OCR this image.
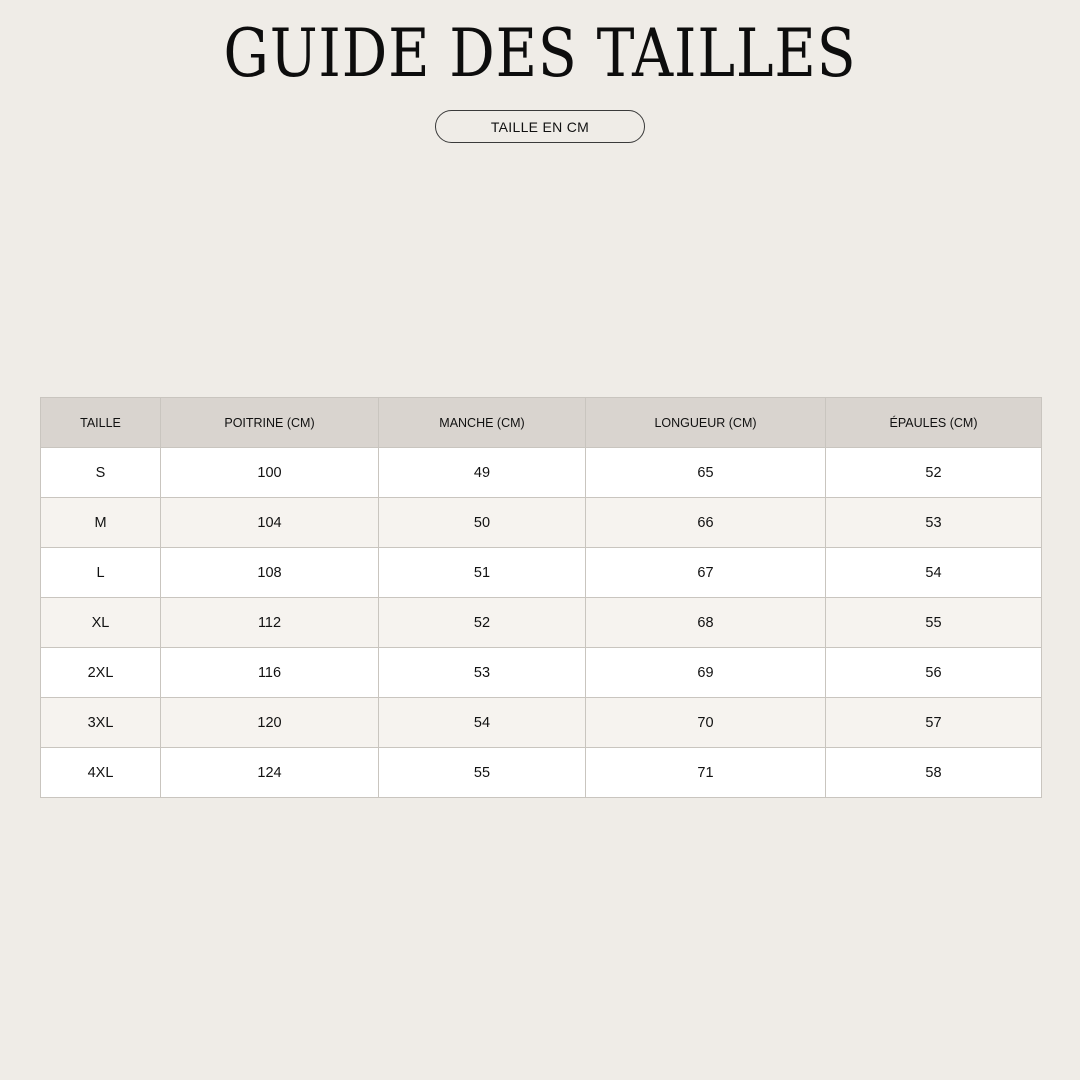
GUIDE DES TAILLES
TAILLE EN CM
TAILLE	POITRINE (CM)	MANCHE (CM)	LONGUEUR (CM)	ÉPAULES (CM)
S	100	49	65	52
M	104	50	66	53
L	108	51	67	54
XL	112	52	68	55
2XL	116	53	69	56
3XL	120	54	70	57
4XL	124	55	71	58
